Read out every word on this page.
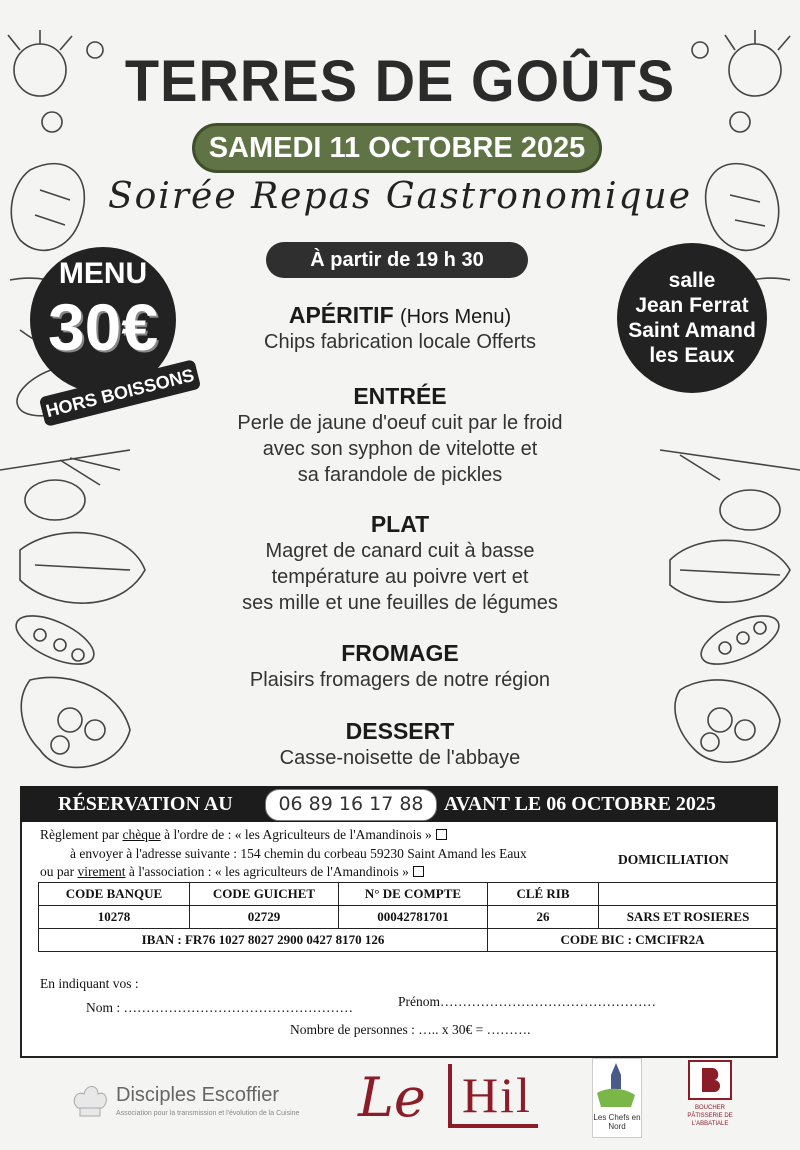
TERRES DE GOÛTS
SAMEDI 11 OCTOBRE 2025
Soirée Repas Gastronomique
À partir de 19 h 30
MENU
30€
HORS BOISSONS
salle
Jean Ferrat
Saint Amand
les Eaux
APÉRITIF (Hors Menu)
Chips fabrication locale Offerts
ENTRÉE
Perle de jaune d'oeuf cuit par le froid
avec son syphon de vitelotte et
sa farandole de pickles
PLAT
Magret de canard cuit à basse
température au poivre vert et
ses mille et une feuilles de légumes
FROMAGE
Plaisirs fromagers de notre région
DESSERT
Casse-noisette de l'abbaye
RÉSERVATION AU	06 89 16 17 88	AVANT LE 06 OCTOBRE 2025
Règlement par chèque à l'ordre de : « les Agriculteurs de l'Amandinois »
à envoyer à l'adresse suivante : 154 chemin du corbeau 59230 Saint Amand les Eaux
ou par virement à l'association : « les agriculteurs de l'Amandinois »
DOMICILIATION
CODE BANQUE	CODE GUICHET	N° DE COMPTE	CLÉ RIB	
10278	02729	00042781701	26	SARS ET ROSIERES
IBAN : FR76 1027 8027 2900 0427 8170 126			CODE BIC : CMCIFR2A	
En indiquant vos :
Nom : ……………………………………………	Prénom…………………………………………
Nombre de personnes : ….. x 30€ = ……….
Disciples Escoffier
Association pour la transmission et l'évolution de la Cuisine Le Hil	Les Chefs en Nord
BOUCHER PÂTISSERIE DE L'ABBATIALE
